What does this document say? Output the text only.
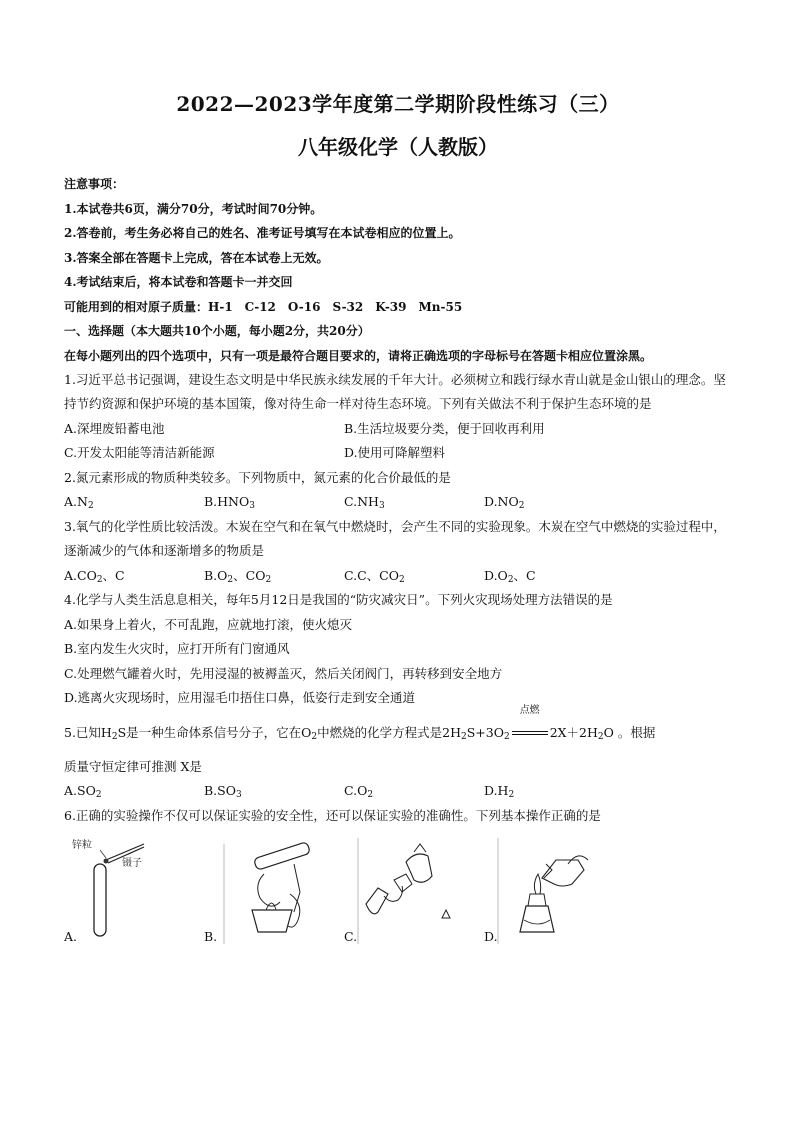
2022—2023学年度第二学期阶段性练习（三）
八年级化学（人教版）
注意事项：
1.本试卷共6页，满分70分，考试时间70分钟。
2.答卷前，考生务必将自己的姓名、准考证号填写在本试卷相应的位置上。
3.答案全部在答题卡上完成，答在本试卷上无效。
4.考试结束后，将本试卷和答题卡一并交回
可能用到的相对原子质量：H-1　C-12　O-16　S-32　K-39　Mn-55
一、选择题（本大题共10个小题，每小题2分，共20分）
在每小题列出的四个选项中，只有一项是最符合题目要求的，请将正确选项的字母标号在答题卡相应位置涂黑。
1.习近平总书记强调，建设生态文明是中华民族永续发展的千年大计。必须树立和践行绿水青山就是金山银山的理念。坚持节约资源和保护环境的基本国策，像对待生命一样对待生态环境。下列有关做法不利于保护生态环境的是
A.深埋废铅蓄电池	B.生活垃圾要分类，便于回收再利用
C.开发太阳能等清洁新能源	D.使用可降解塑料
2.氮元素形成的物质种类较多。下列物质中，氮元素的化合价最低的是
$A.N_2$	$B.HNO_3$	$C.NH_3$	$D.NO_2$
3.氧气的化学性质比较活泼。木炭在空气和在氧气中燃烧时，会产生不同的实验现象。木炭在空气中燃烧的实验过程中，逐渐减少的气体和逐渐增多的物质是
$A.CO_2$、C	$B.O_2$、$CO_2$	C.C、$CO_2$	$D.O_2$、C
4.化学与人类生活息息相关，每年5月12日是我国的“防灾减灾日”。下列火灾现场处理方法错误的是
A.如果身上着火，不可乱跑，应就地打滚，使火熄灭
B.室内发生火灾时，应打开所有门窗通风
C.处理燃气罐着火时，先用浸湿的被褥盖灭，然后关闭阀门，再转移到安全地方
D.逃离火灾现场时，应用湿毛巾捂住口鼻，低姿行走到安全通道
5.已知$H_2S$是一种生命体系信号分子，它在$O_2$中燃烧的化学方程式是$2H_2S+3O_2$
点燃
$2X+2H_2O$ 。根据
质量守恒定律可推测 X是
$A.SO_2$	$B.SO_3$	$C.O_2$	$D.H_2$
6.正确的实验操作不仅可以保证实验的安全性，还可以保证实验的准确性。下列基本操作正确的是
锌粒
镊子
A.	B.	C.	D.
